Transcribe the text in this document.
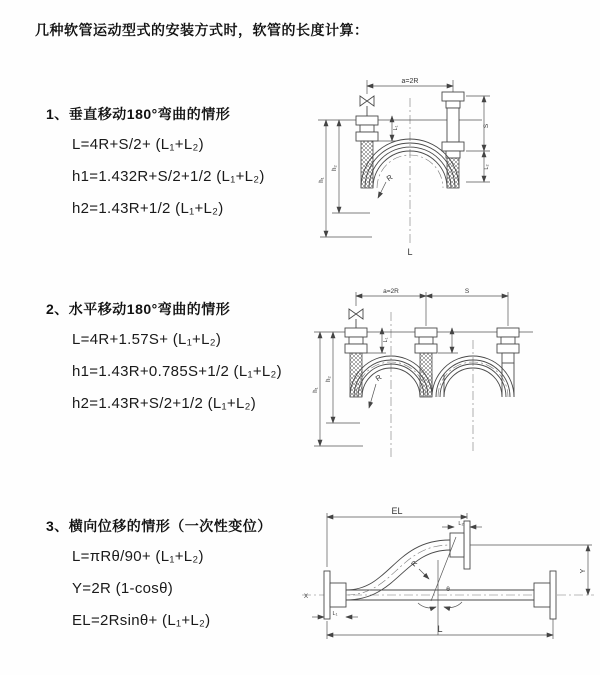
几种软管运动型式的安装方式时，软管的长度计算：
1、垂直移动180°弯曲的情形
L=4R+S/2+ (L₁+L₂)
h1=1.432R+S/2+1/2 (L₁+L₂)
h2=1.43R+1/2 (L₁+L₂)
2、水平移动180°弯曲的情形
L=4R+1.57S+ (L₁+L₂)
h1=1.43R+0.785S+1/2 (L₁+L₂)
h2=1.43R+S/2+1/2 (L₁+L₂)
3、横向位移的情形（一次性变位）
L=πRθ/90+ (L₁+L₂)
Y=2R (1-cosθ)
EL=2Rsinθ+ (L₁+L₂)
a=2R
S
L₂
L₁
h₁
h₂
R
L
a=2R	S
h₁
h₂
L₁
R
X
EL
L₂
Y
L
L₁
θ
R
